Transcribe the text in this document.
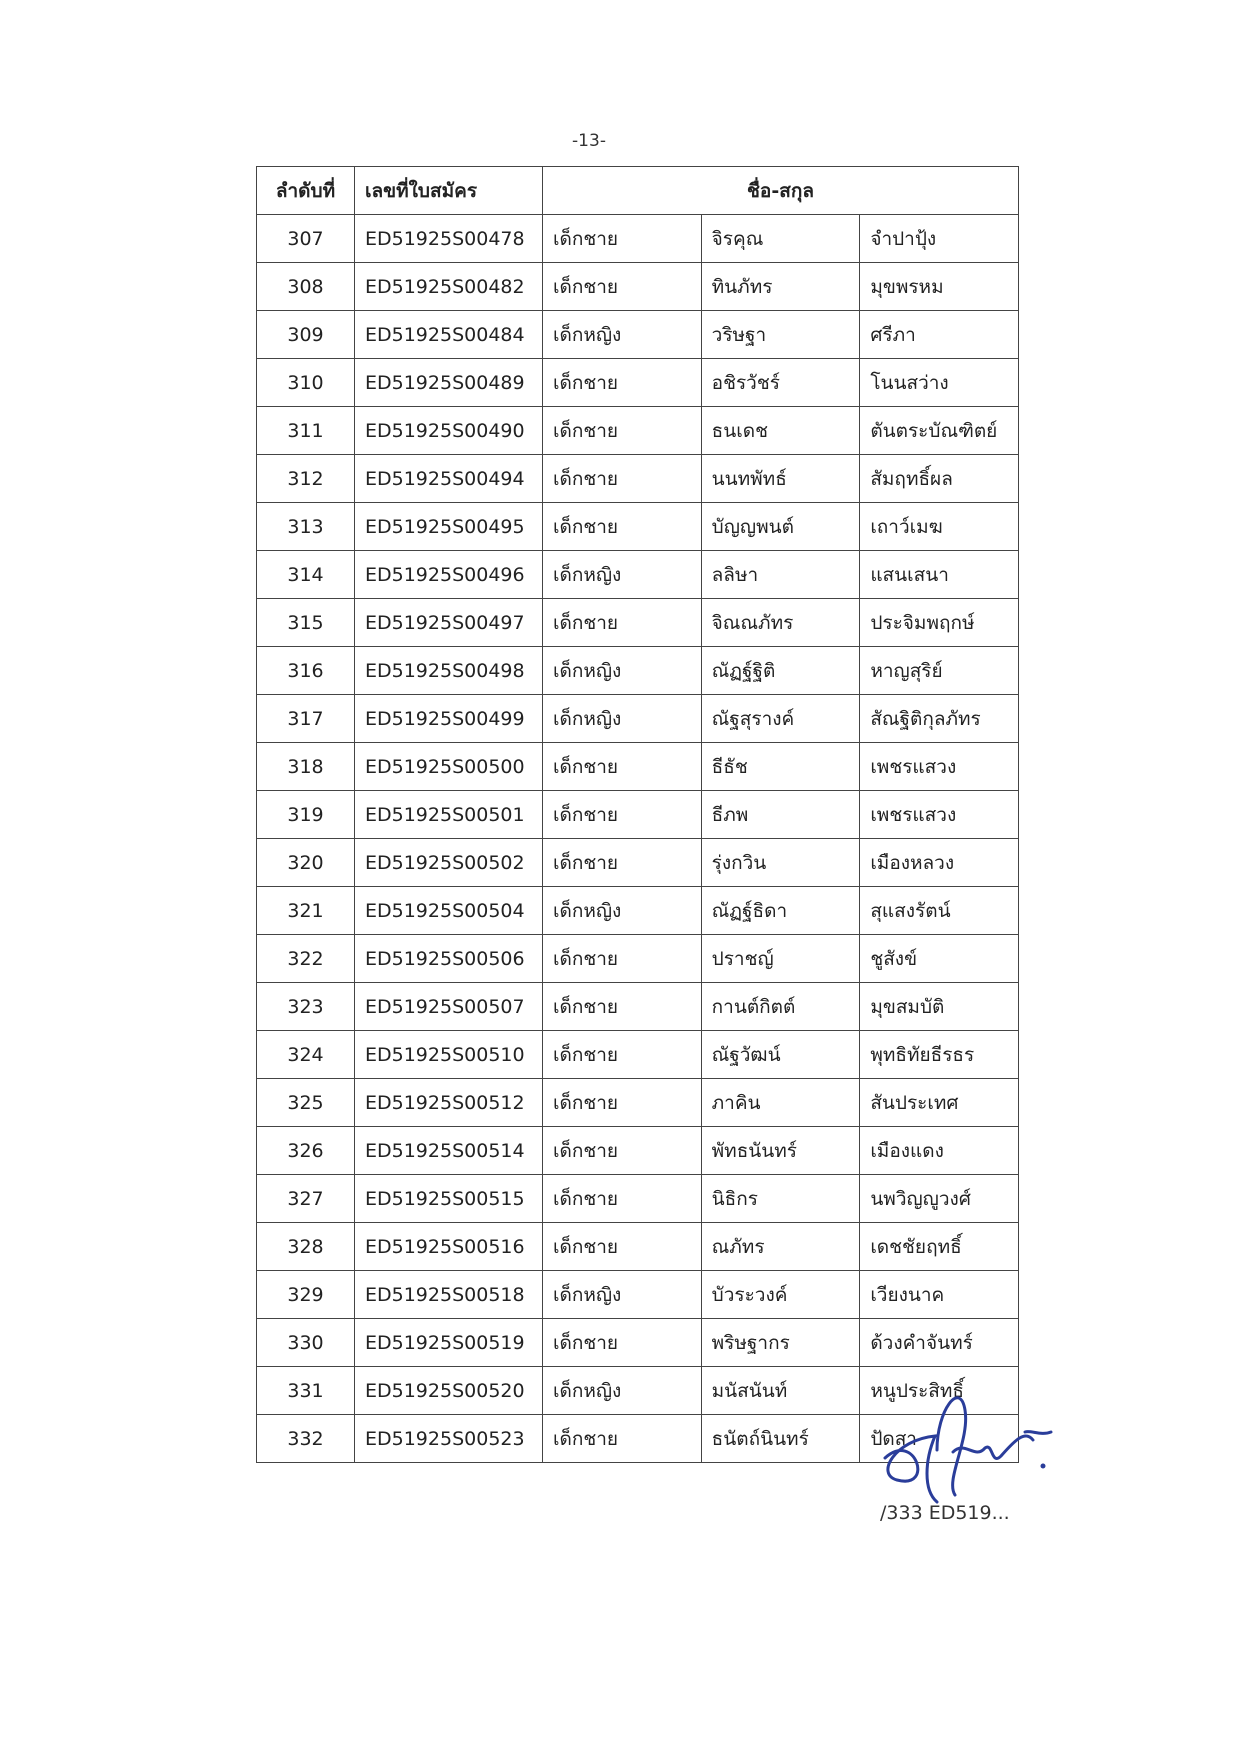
-13-
ลำดับที่	เลขที่ใบสมัคร	ชื่อ-สกุล		
307	ED51925S00478	เด็กชาย	จิรคุณ	จำปาปุ้ง
308	ED51925S00482	เด็กชาย	ทินภัทร	มุขพรหม
309	ED51925S00484	เด็กหญิง	วริษฐา	ศรีภา
310	ED51925S00489	เด็กชาย	อชิรวัชร์	โนนสว่าง
311	ED51925S00490	เด็กชาย	ธนเดช	ตันตระบัณฑิตย์
312	ED51925S00494	เด็กชาย	นนทพัทธ์	สัมฤทธิ์ผล
313	ED51925S00495	เด็กชาย	บัญญพนต์	เถาว์เมฆ
314	ED51925S00496	เด็กหญิง	ลลิษา	แสนเสนา
315	ED51925S00497	เด็กชาย	จิณณภัทร	ประจิมพฤกษ์
316	ED51925S00498	เด็กหญิง	ณัฏฐ์ฐิติ	หาญสุริย์
317	ED51925S00499	เด็กหญิง	ณัฐสุรางค์	สัณฐิติกุลภัทร
318	ED51925S00500	เด็กชาย	ธีธัช	เพชรแสวง
319	ED51925S00501	เด็กชาย	ธีภพ	เพชรแสวง
320	ED51925S00502	เด็กชาย	รุ่งกวิน	เมืองหลวง
321	ED51925S00504	เด็กหญิง	ณัฏฐ์ธิดา	สุแสงรัตน์
322	ED51925S00506	เด็กชาย	ปราชญ์	ชูสังข์
323	ED51925S00507	เด็กชาย	กานต์กิตต์	มุขสมบัติ
324	ED51925S00510	เด็กชาย	ณัฐวัฒน์	พุทธิทัยธีรธร
325	ED51925S00512	เด็กชาย	ภาคิน	สันประเทศ
326	ED51925S00514	เด็กชาย	พัทธนันทร์	เมืองแดง
327	ED51925S00515	เด็กชาย	นิธิกร	นพวิญญูวงศ์
328	ED51925S00516	เด็กชาย	ณภัทร	เดชชัยฤทธิ์
329	ED51925S00518	เด็กหญิง	บัวระวงค์	เวียงนาค
330	ED51925S00519	เด็กชาย	พริษฐากร	ด้วงคำจันทร์
331	ED51925S00520	เด็กหญิง	มนัสนันท์	หนูประสิทธิ์
332	ED51925S00523	เด็กชาย	ธนัตถ์นินทร์	ปัดสา
/333 ED519...
